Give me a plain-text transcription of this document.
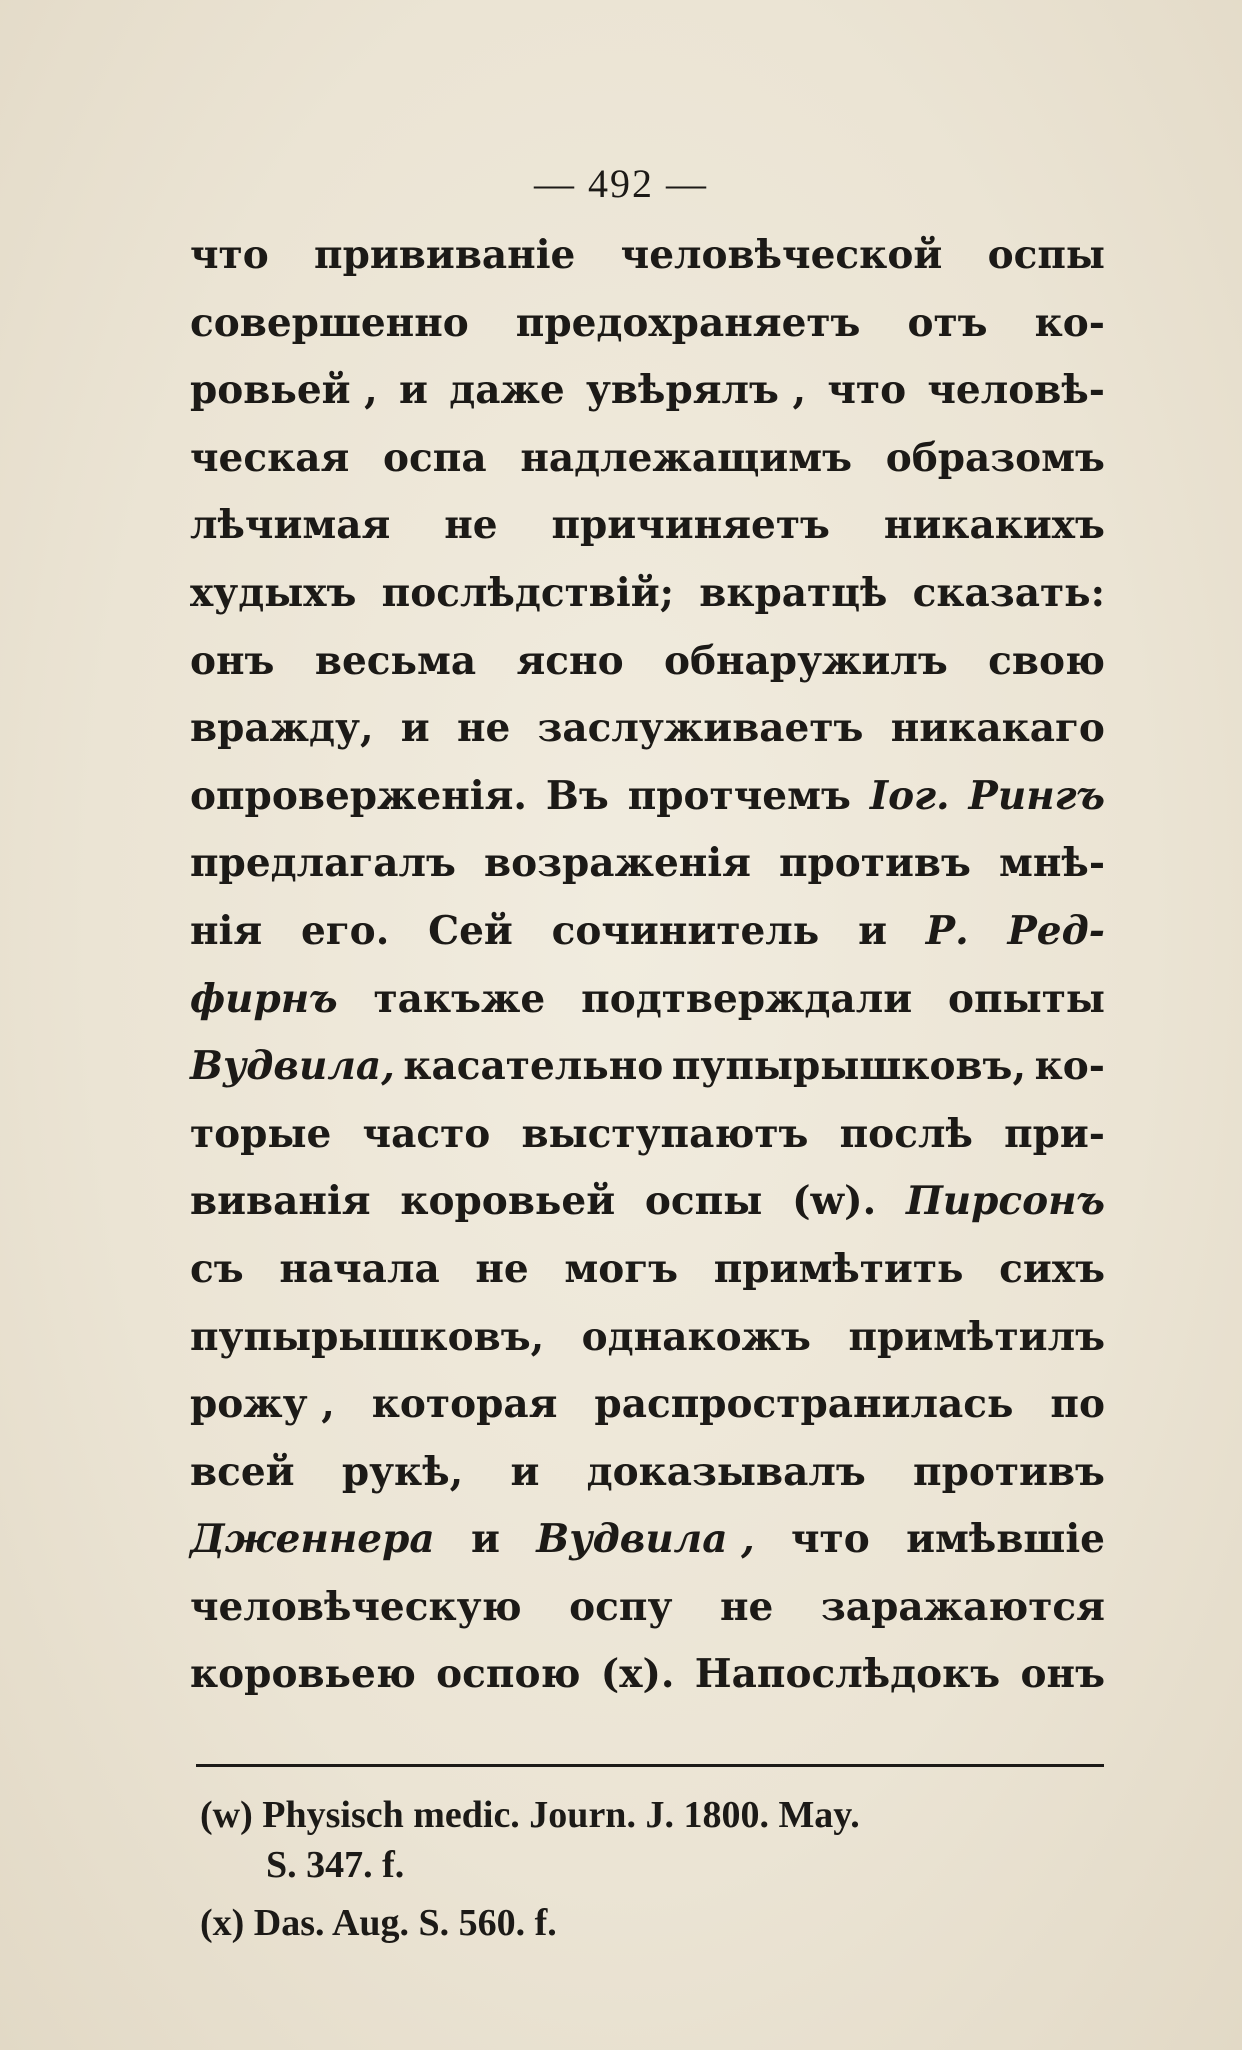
— 492 —
что прививаніе человѣческой оспы
совершенно предохраняетъ отъ ко-
ровьей , и даже увѣрялъ , что человѣ-
ческая оспа надлежащимъ образомъ
лѣчимая не причиняетъ никакихъ
худыхъ послѣдствій; вкратцѣ сказать:
онъ весьма ясно обнаружилъ свою
вражду, и не заслуживаетъ никакаго
опроверженія. Въ протчемъ Іог. Рингъ
предлагалъ возраженія противъ мнѣ-
нія его. Сей сочинитель и Р. Ред-
фирнъ такъже подтверждали опыты
Вудвила, касательно пупырышковъ, ко-
торые часто выступаютъ послѣ при-
виванія коровьей оспы (w). Пирсонъ
съ начала не могъ примѣтить сихъ
пупырышковъ, однакожъ примѣтилъ
рожу , которая распространилась по
всей рукѣ, и доказывалъ противъ
Дженнера и Вудвила , что имѣвшіе
человѣческую оспу не заражаются
коровьею оспою (x). Напослѣдокъ онъ
(w) Physisch medic. Journ. J. 1800. May.
S. 347. f.
(x) Das. Aug. S. 560. f.
